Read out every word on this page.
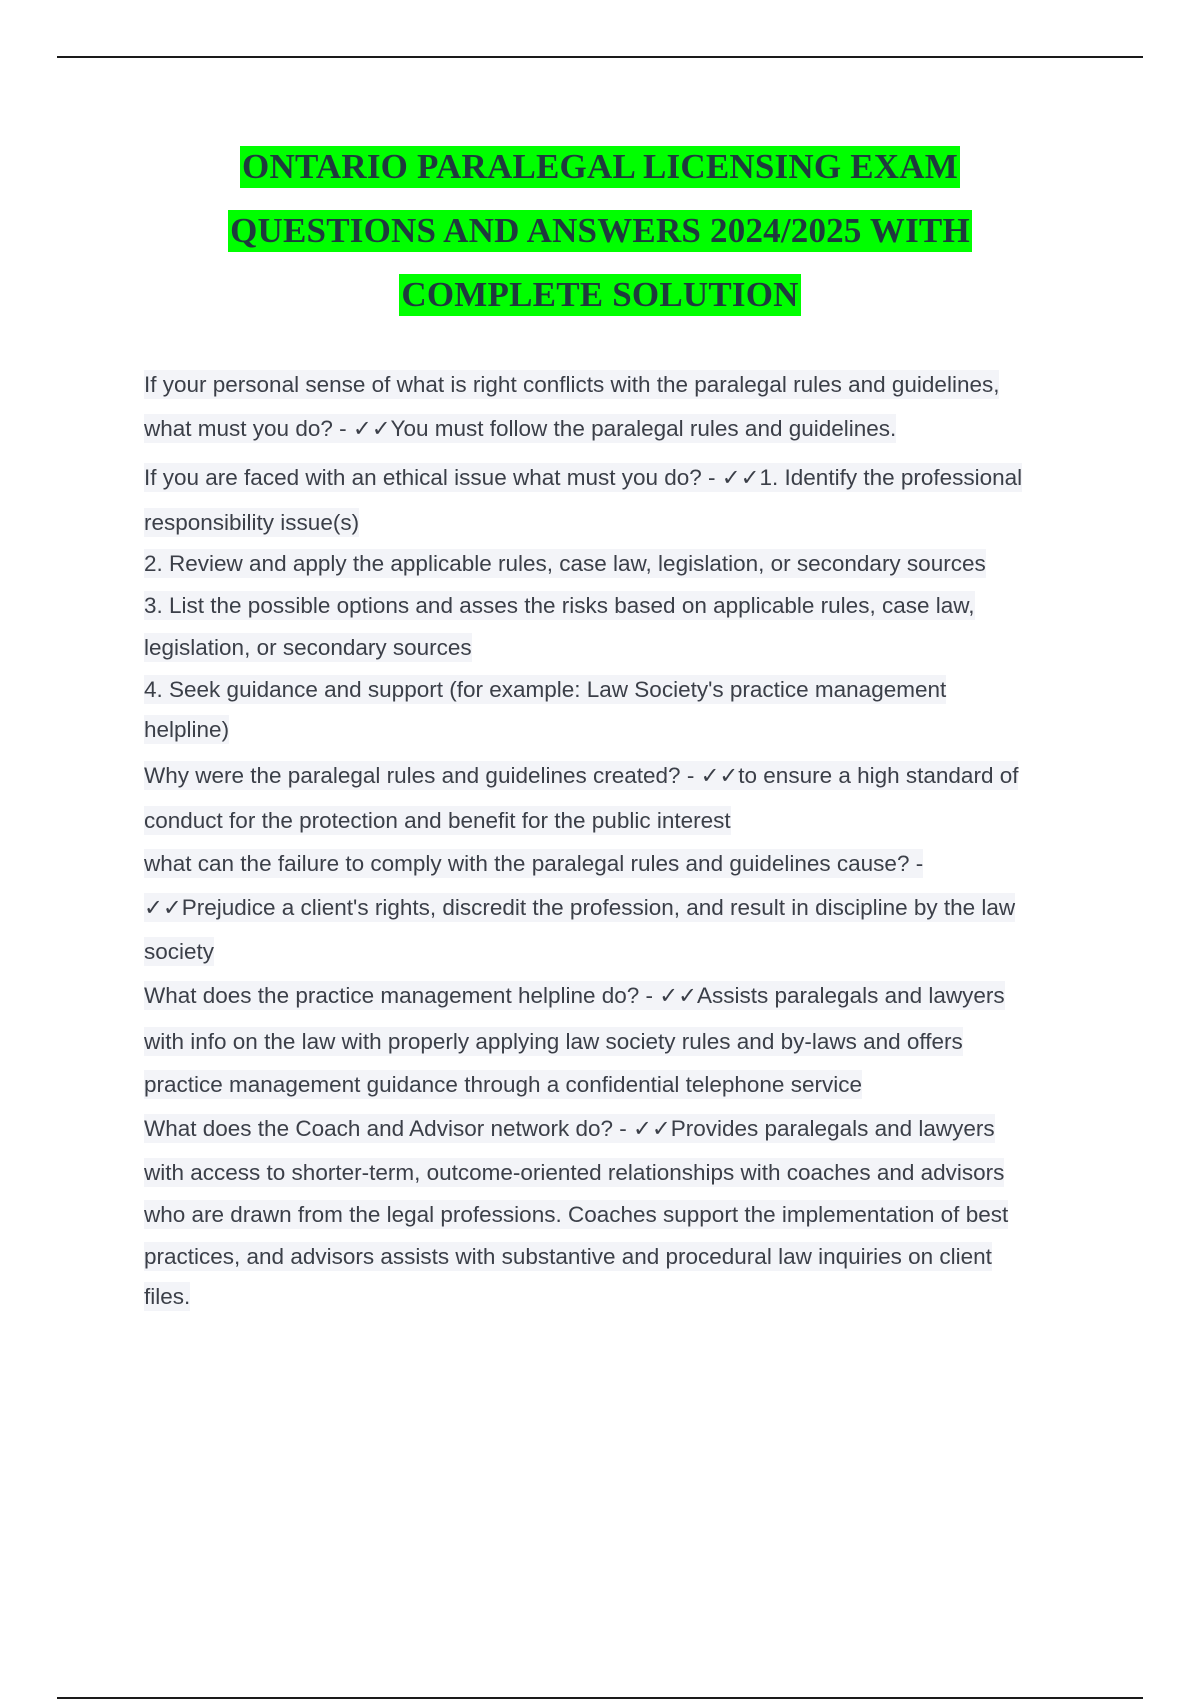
ONTARIO PARALEGAL LICENSING EXAM
QUESTIONS AND ANSWERS 2024/2025 WITH
COMPLETE SOLUTION
If your personal sense of what is right conflicts with the paralegal rules and guidelines,
what must you do? - ✓✓You must follow the paralegal rules and guidelines.
If you are faced with an ethical issue what must you do? - ✓✓1. Identify the professional
responsibility issue(s)
2. Review and apply the applicable rules, case law, legislation, or secondary sources
3. List the possible options and asses the risks based on applicable rules, case law,
legislation, or secondary sources
4. Seek guidance and support (for example: Law Society's practice management
helpline)
Why were the paralegal rules and guidelines created? - ✓✓to ensure a high standard of
conduct for the protection and benefit for the public interest
what can the failure to comply with the paralegal rules and guidelines cause? -
✓✓Prejudice a client's rights, discredit the profession, and result in discipline by the law
society
What does the practice management helpline do? - ✓✓Assists paralegals and lawyers
with info on the law with properly applying law society rules and by-laws and offers
practice management guidance through a confidential telephone service
What does the Coach and Advisor network do? - ✓✓Provides paralegals and lawyers
with access to shorter-term, outcome-oriented relationships with coaches and advisors
who are drawn from the legal professions. Coaches support the implementation of best
practices, and advisors assists with substantive and procedural law inquiries on client
files.
